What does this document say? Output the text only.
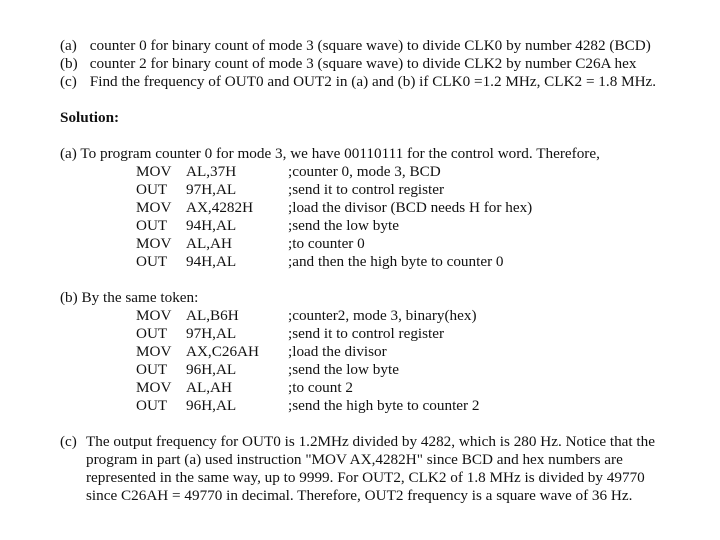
(a) counter 0 for binary count of mode 3 (square wave) to divide CLK0 by number 4282 (BCD)
(b) counter 2 for binary count of mode 3 (square wave) to divide CLK2 by number C26A hex
(c) Find the frequency of OUT0 and OUT2 in (a) and (b) if CLK0 =1.2 MHz, CLK2 = 1.8 MHz.
Solution:
(a) To program counter 0 for mode 3, we have 00110111 for the control word. Therefore,
MOV AL,37H	;counter 0, mode 3, BCD
OUT 97H,AL	;send it to control register
MOV AX,4282H ;load the divisor (BCD needs H for hex)
OUT 94H,AL	;send the low byte
MOV AL,AH	;to counter 0
OUT 94H,AL	;and then the high byte to counter 0
(b) By the same token:
MOV AL,B6H	;counter2, mode 3, binary(hex)
OUT 97H,AL	;send it to control register
MOV AX,C26AH ;load the divisor
OUT 96H,AL	;send the low byte
MOV AL,AH	;to count 2
OUT 96H,AL	;send the high byte to counter 2
(c) The output frequency for OUT0 is 1.2MHz divided by 4282, which is 280 Hz. Notice that the
program in part (a) used instruction "MOV AX,4282H" since BCD and hex numbers are
represented in the same way, up to 9999. For OUT2, CLK2 of 1.8 MHz is divided by 49770
since C26AH = 49770 in decimal. Therefore, OUT2 frequency is a square wave of 36 Hz.
